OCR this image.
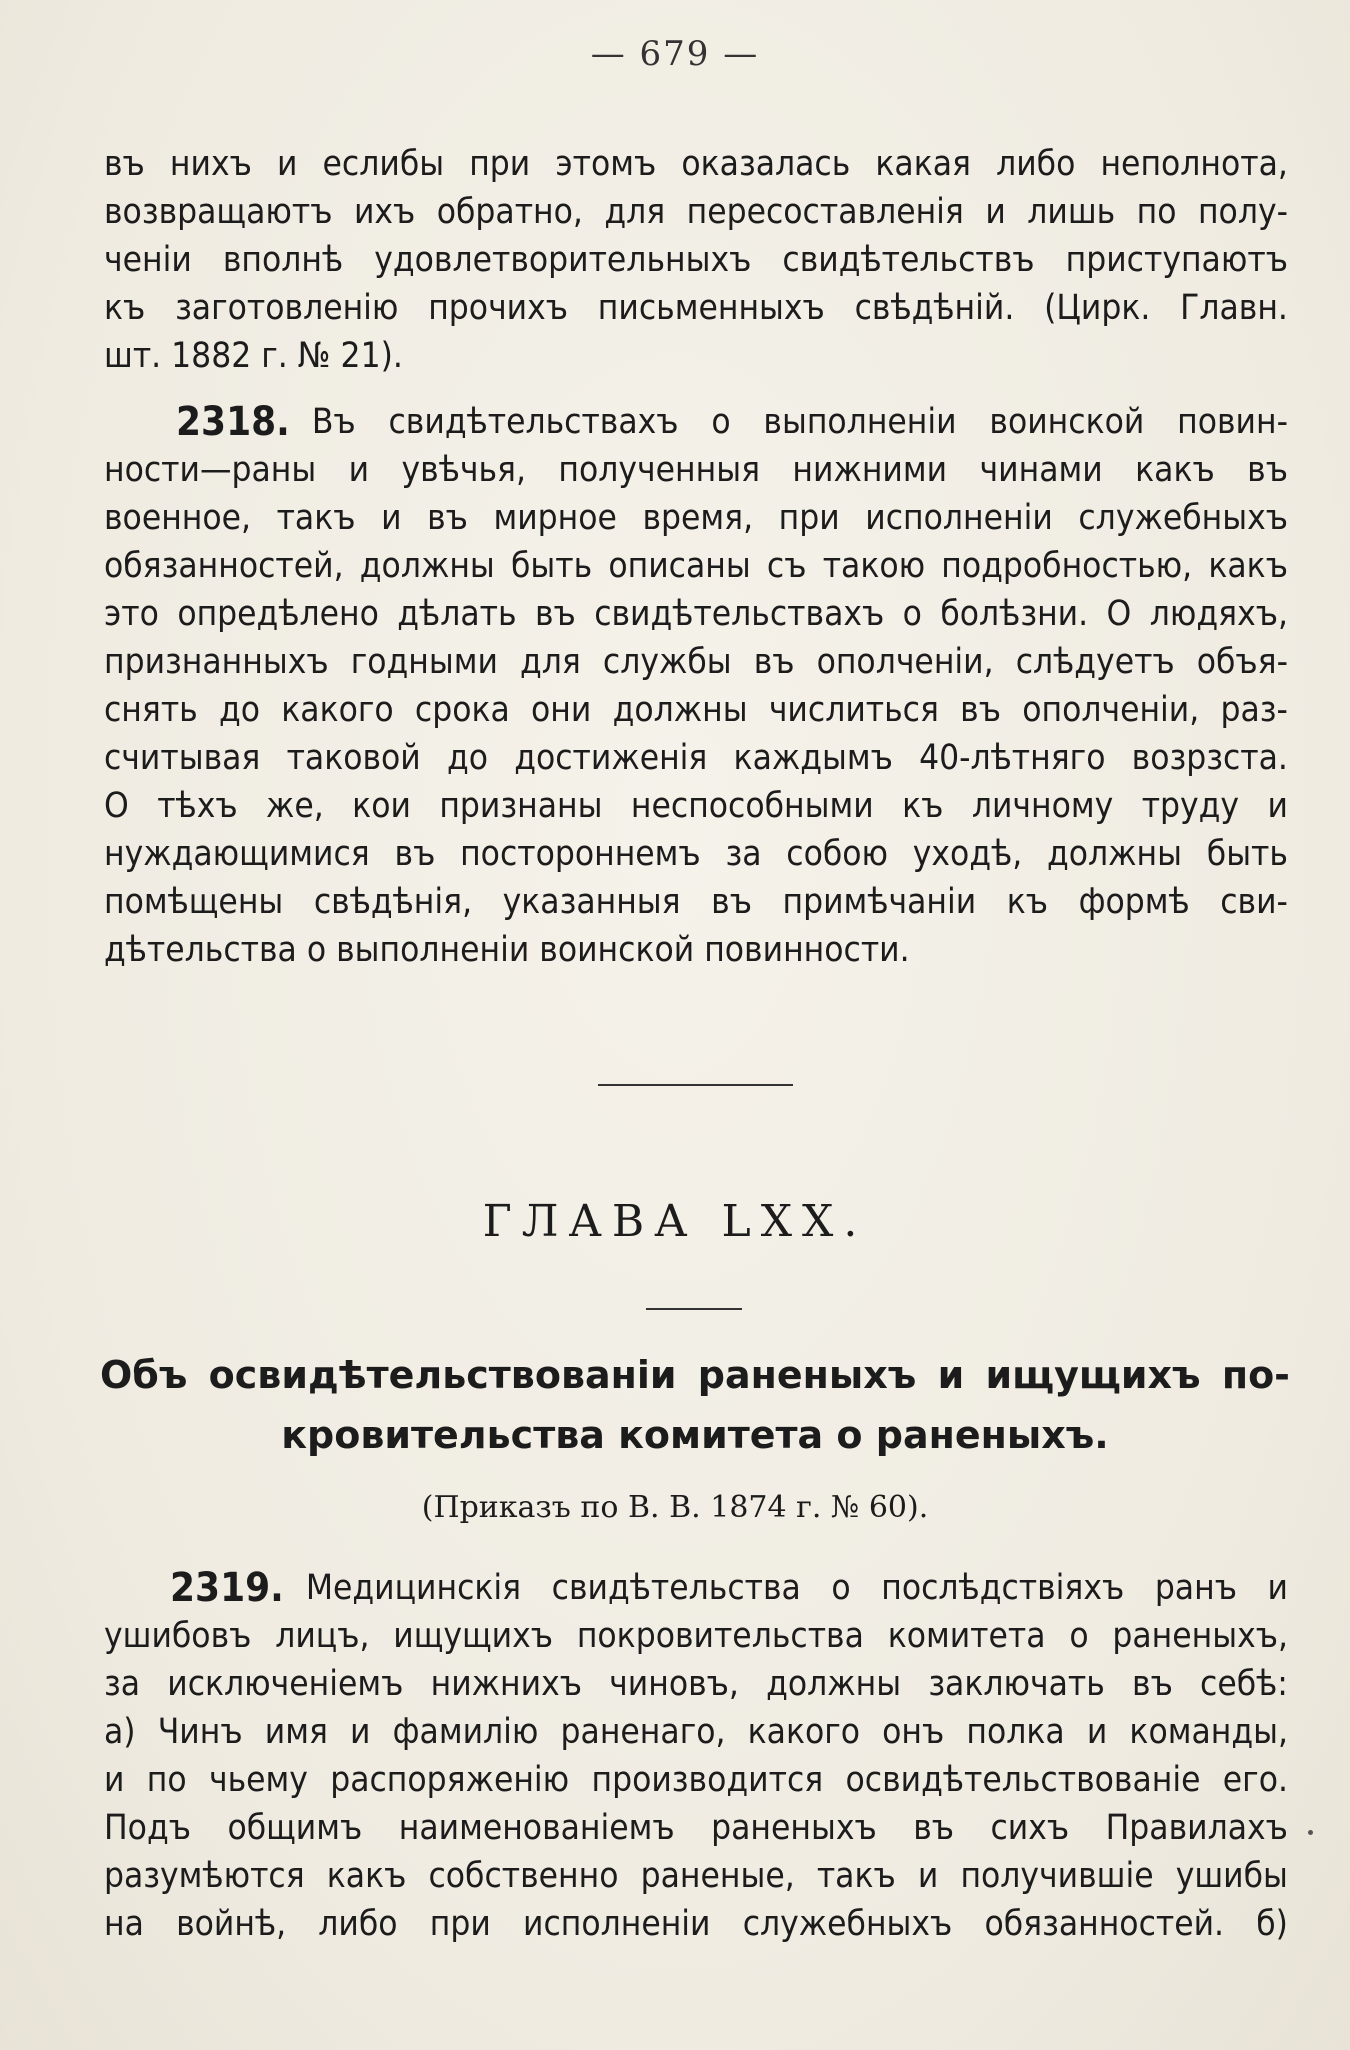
— 679 —
въ нихъ и еслибы при этомъ оказалась какая либо неполнота,
возвращаютъ ихъ обратно, для пересоставленія и лишь по полу-
ченіи вполнѣ удовлетворительныхъ свидѣтельствъ приступаютъ
къ заготовленію прочихъ письменныхъ свѣдѣній. (Цирк. Главн.
шт. 1882 г. № 21).
2318. Въ свидѣтельствахъ о выполненіи воинской повин-
ности—раны и увѣчья, полученныя нижними чинами какъ въ
военное, такъ и въ мирное время, при исполненіи служебныхъ
обязанностей, должны быть описаны съ такою подробностью, какъ
это опредѣлено дѣлать въ свидѣтельствахъ о болѣзни. О людяхъ,
признанныхъ годными для службы въ ополченіи, слѣдуетъ объя-
снять до какого срока они должны числиться въ ополченіи, раз-
считывая таковой до достиженія каждымъ 40-лѣтняго возрзста.
О тѣхъ же, кои признаны неспособными къ личному труду и
нуждающимися въ постороннемъ за собою уходѣ, должны быть
помѣщены свѣдѣнія, указанныя въ примѣчаніи къ формѣ сви-
дѣтельства о выполненіи воинской повинности.
ГЛАВА LXX.
Объ освидѣтельствованіи раненыхъ и ищущихъ по-
кровительства комитета о раненыхъ.
(Приказъ по В. В. 1874 г. № 60).
2319. Медицинскія свидѣтельства о послѣдствіяхъ ранъ и
ушибовъ лицъ, ищущихъ покровительства комитета о раненыхъ,
за исключеніемъ нижнихъ чиновъ, должны заключать въ себѣ:
а) Чинъ имя и фамилію раненаго, какого онъ полка и команды,
и по чьему распоряженію производится освидѣтельствованіе его.
Подъ общимъ наименованіемъ раненыхъ въ сихъ Правилахъ
разумѣются какъ собственно раненые, такъ и получившіе ушибы
на войнѣ, либо при исполненіи служебныхъ обязанностей. б)
